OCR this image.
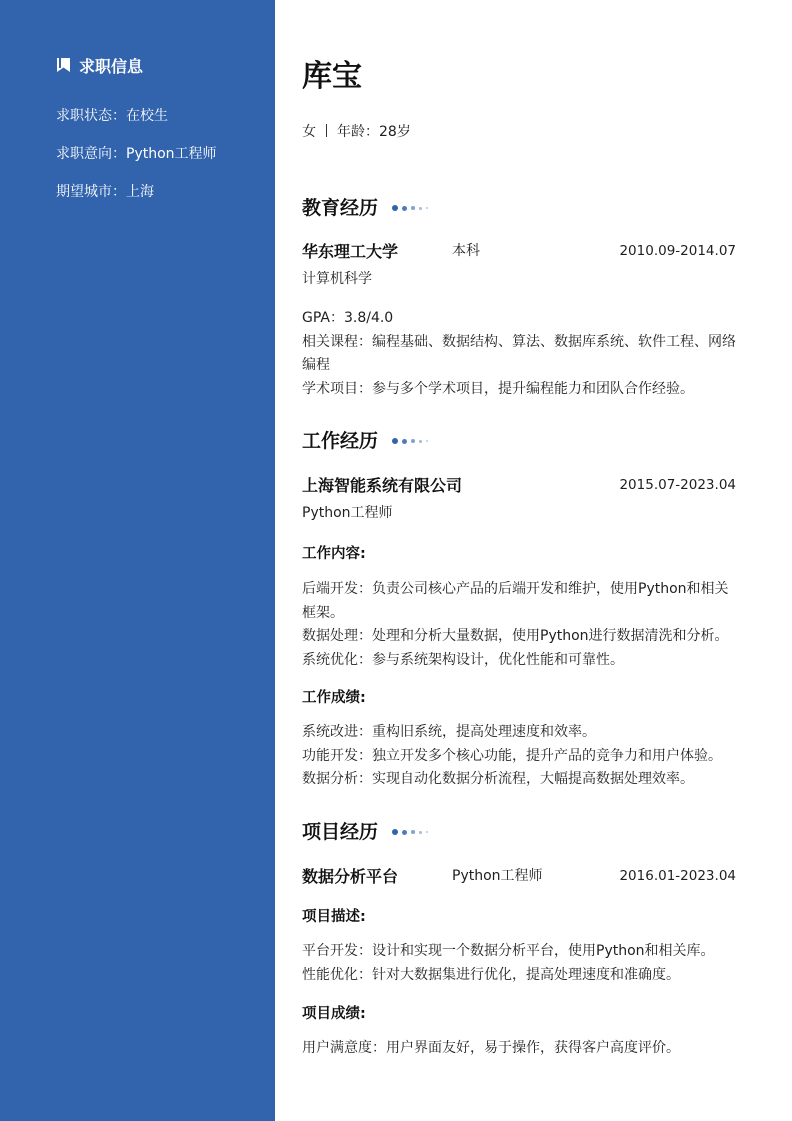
求职信息
求职状态：在校生
求职意向：Python工程师
期望城市：上海
库宝
女 年龄：28岁
教育经历
华东理工大学	本科	2010.09-2014.07
计算机科学
GPA：3.8/4.0
相关课程：编程基础、数据结构、算法、数据库系统、软件工程、网络编程
学术项目：参与多个学术项目，提升编程能力和团队合作经验。
工作经历
上海智能系统有限公司	2015.07-2023.04
Python工程师
工作内容:
后端开发：负责公司核心产品的后端开发和维护，使用Python和相关框架。
数据处理：处理和分析大量数据，使用Python进行数据清洗和分析。
系统优化：参与系统架构设计，优化性能和可靠性。
工作成绩:
系统改进：重构旧系统，提高处理速度和效率。
功能开发：独立开发多个核心功能，提升产品的竞争力和用户体验。
数据分析：实现自动化数据分析流程，大幅提高数据处理效率。
项目经历
数据分析平台	Python工程师	2016.01-2023.04
项目描述:
平台开发：设计和实现一个数据分析平台，使用Python和相关库。
性能优化：针对大数据集进行优化，提高处理速度和准确度。
项目成绩:
用户满意度：用户界面友好，易于操作，获得客户高度评价。
